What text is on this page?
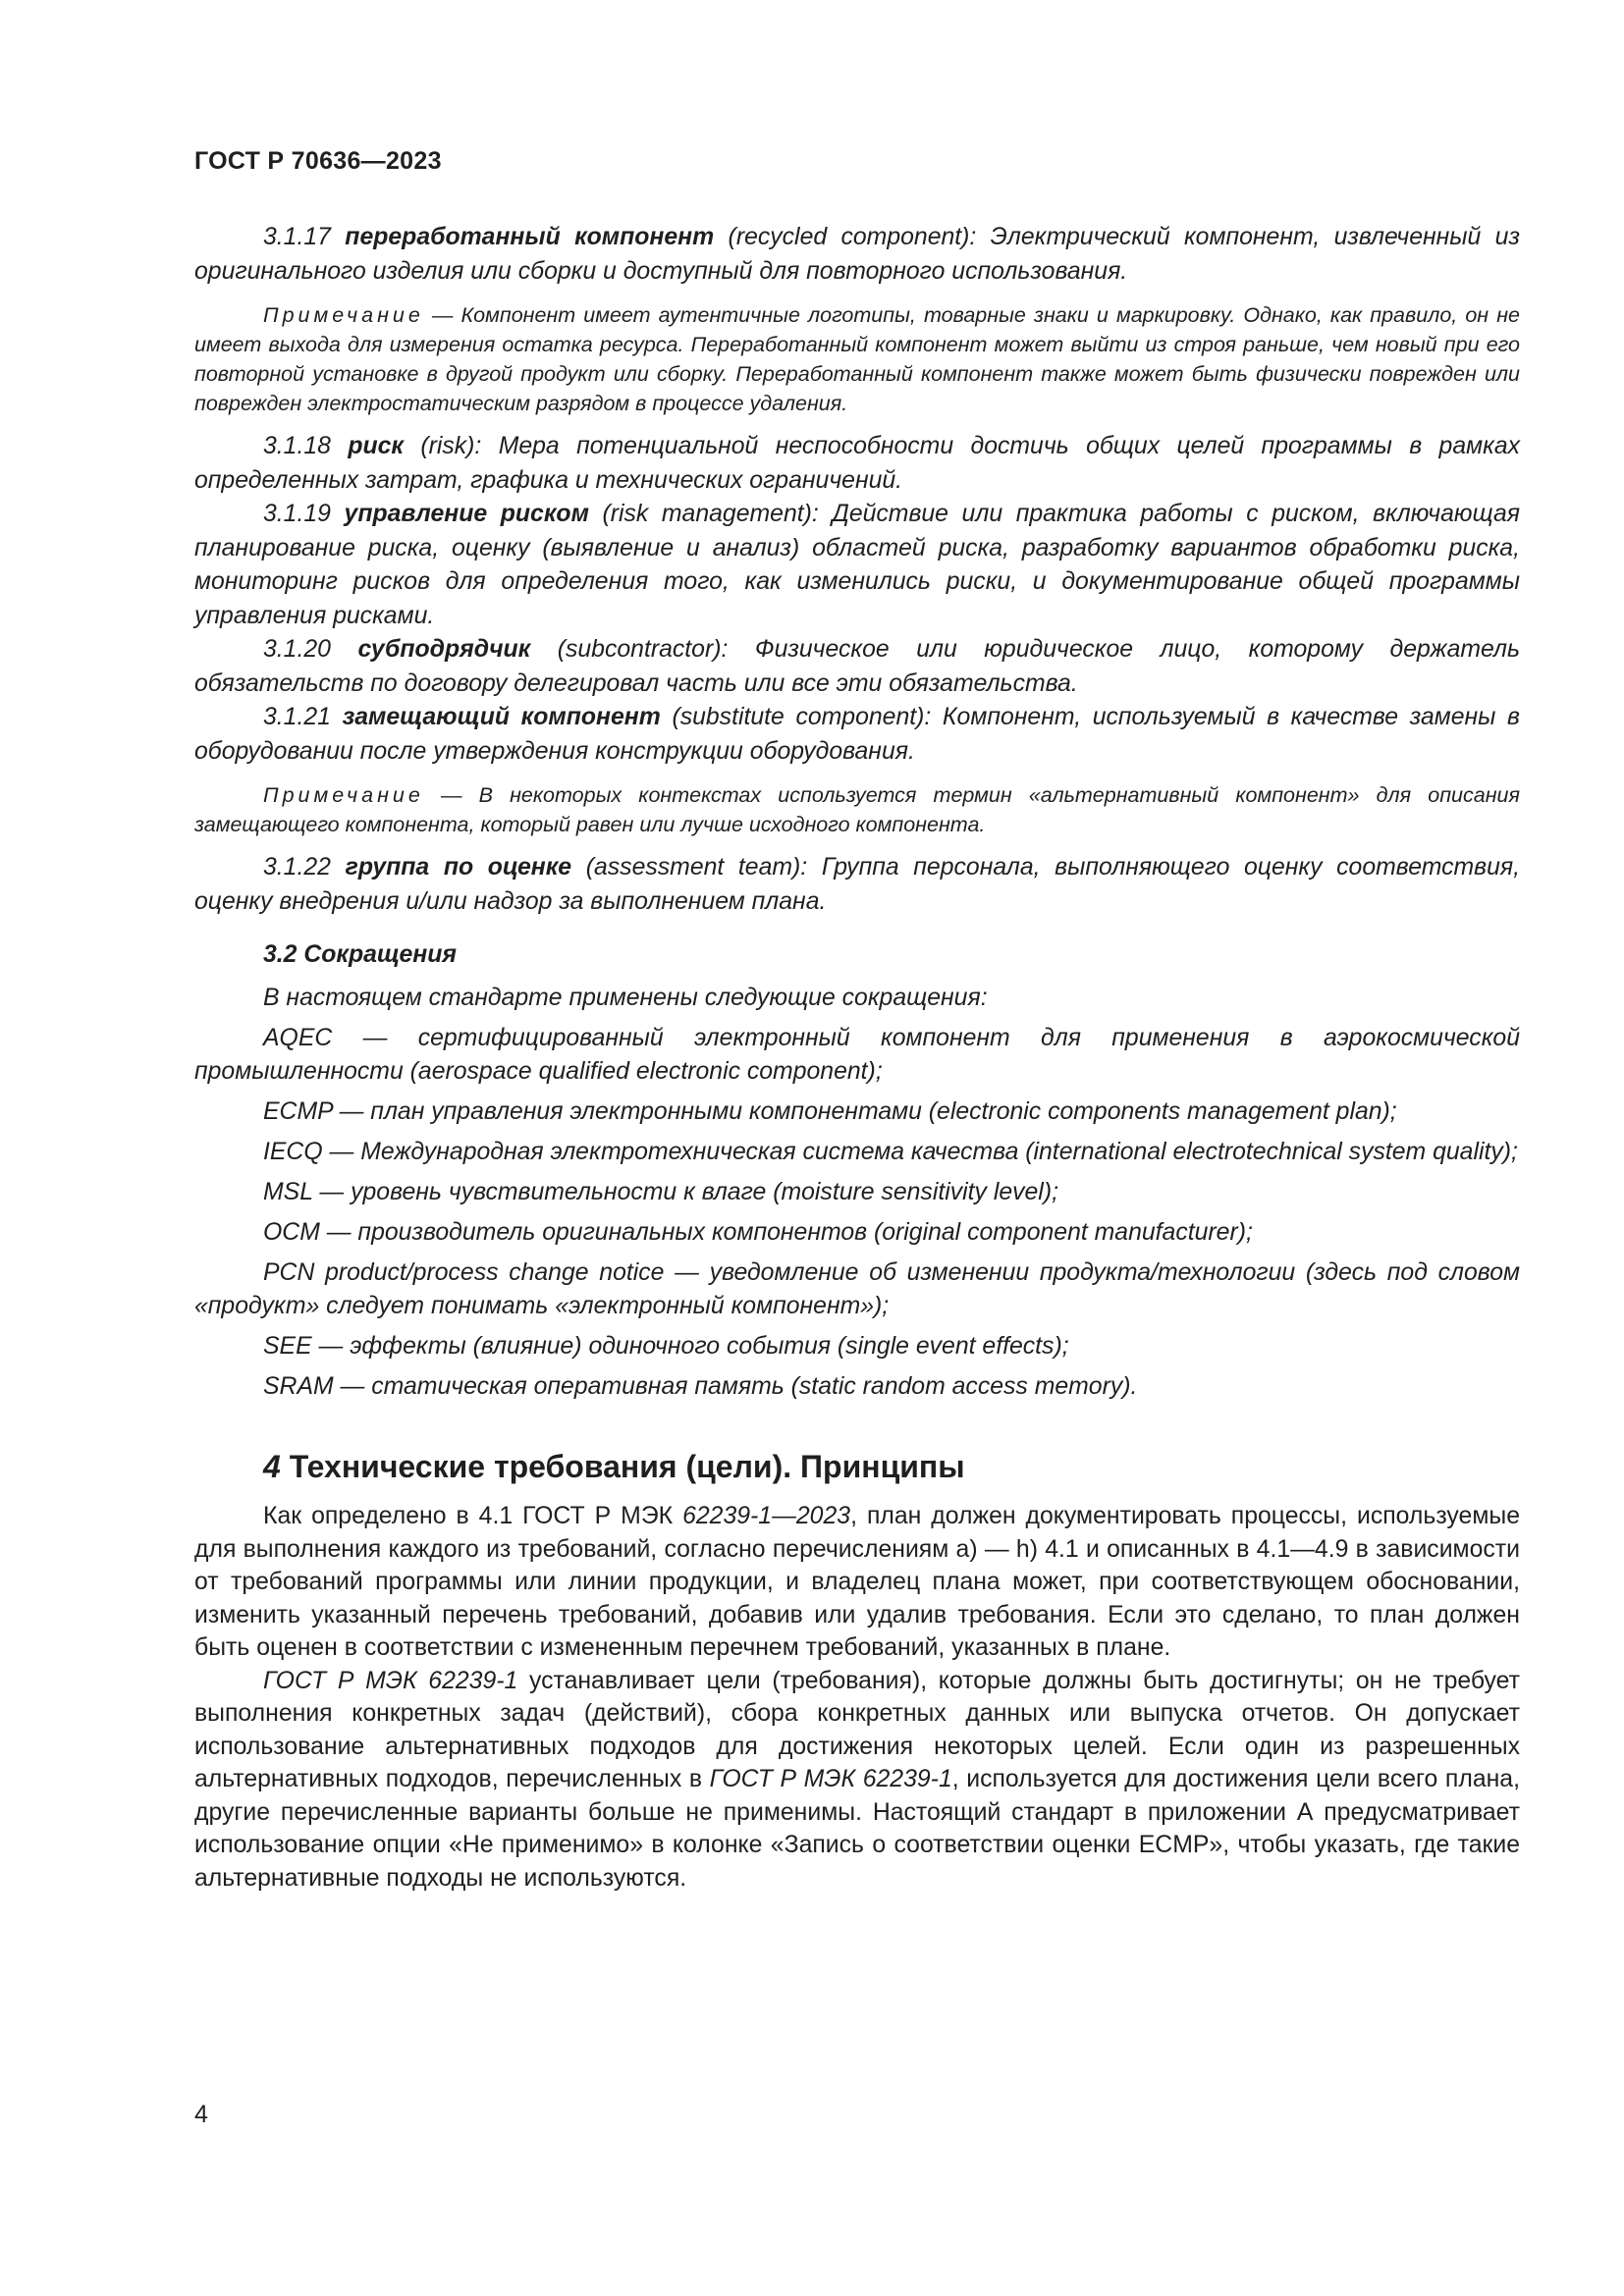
ГОСТ Р 70636—2023

3.1.17 переработанный компонент (recycled component): Электрический компонент, извлеченный из оригинального изделия или сборки и доступный для повторного использования.

Примечание — Компонент имеет аутентичные логотипы, товарные знаки и маркировку. Однако, как правило, он не имеет выхода для измерения остатка ресурса. Переработанный компонент может выйти из строя раньше, чем новый при его повторной установке в другой продукт или сборку. Переработанный компонент также может быть физически поврежден или поврежден электростатическим разрядом в процессе удаления.

3.1.18 риск (risk): Мера потенциальной неспособности достичь общих целей программы в рамках определенных затрат, графика и технических ограничений.

3.1.19 управление риском (risk management): Действие или практика работы с риском, включающая планирование риска, оценку (выявление и анализ) областей риска, разработку вариантов обработки риска, мониторинг рисков для определения того, как изменились риски, и документирование общей программы управления рисками.

3.1.20 субподрядчик (subcontractor): Физическое или юридическое лицо, которому держатель обязательств по договору делегировал часть или все эти обязательства.

3.1.21 замещающий компонент (substitute component): Компонент, используемый в качестве замены в оборудовании после утверждения конструкции оборудования.

Примечание — В некоторых контекстах используется термин «альтернативный компонент» для описания замещающего компонента, который равен или лучше исходного компонента.

3.1.22 группа по оценке (assessment team): Группа персонала, выполняющего оценку соответствия, оценку внедрения и/или надзор за выполнением плана.

3.2 Сокращения

В настоящем стандарте применены следующие сокращения:

AQEC — сертифицированный электронный компонент для применения в аэрокосмической промышленности (aerospace qualified electronic component);

ECMP — план управления электронными компонентами (electronic components management plan);

IECQ — Международная электротехническая система качества (international electrotechnical system quality);

MSL — уровень чувствительности к влаге (moisture sensitivity level);

OCM — производитель оригинальных компонентов (original component manufacturer);

PCN product/process change notice — уведомление об изменении продукта/технологии (здесь под словом «продукт» следует понимать «электронный компонент»);

SEE — эффекты (влияние) одиночного события (single event effects);

SRAM — статическая оперативная память (static random access memory).

4 Технические требования (цели). Принципы

Как определено в 4.1 ГОСТ Р МЭК 62239-1—2023, план должен документировать процессы, используемые для выполнения каждого из требований, согласно перечислениям а) — h) 4.1 и описанных в 4.1—4.9 в зависимости от требований программы или линии продукции, и владелец плана может, при соответствующем обосновании, изменить указанный перечень требований, добавив или удалив требования. Если это сделано, то план должен быть оценен в соответствии с измененным перечнем требований, указанных в плане.

ГОСТ Р МЭК 62239-1 устанавливает цели (требования), которые должны быть достигнуты; он не требует выполнения конкретных задач (действий), сбора конкретных данных или выпуска отчетов. Он допускает использование альтернативных подходов для достижения некоторых целей. Если один из разрешенных альтернативных подходов, перечисленных в ГОСТ Р МЭК 62239-1, используется для достижения цели всего плана, другие перечисленные варианты больше не применимы. Настоящий стандарт в приложении А предусматривает использование опции «Не применимо» в колонке «Запись о соответствии оценки ECMP», чтобы указать, где такие альтернативные подходы не используются.

4
